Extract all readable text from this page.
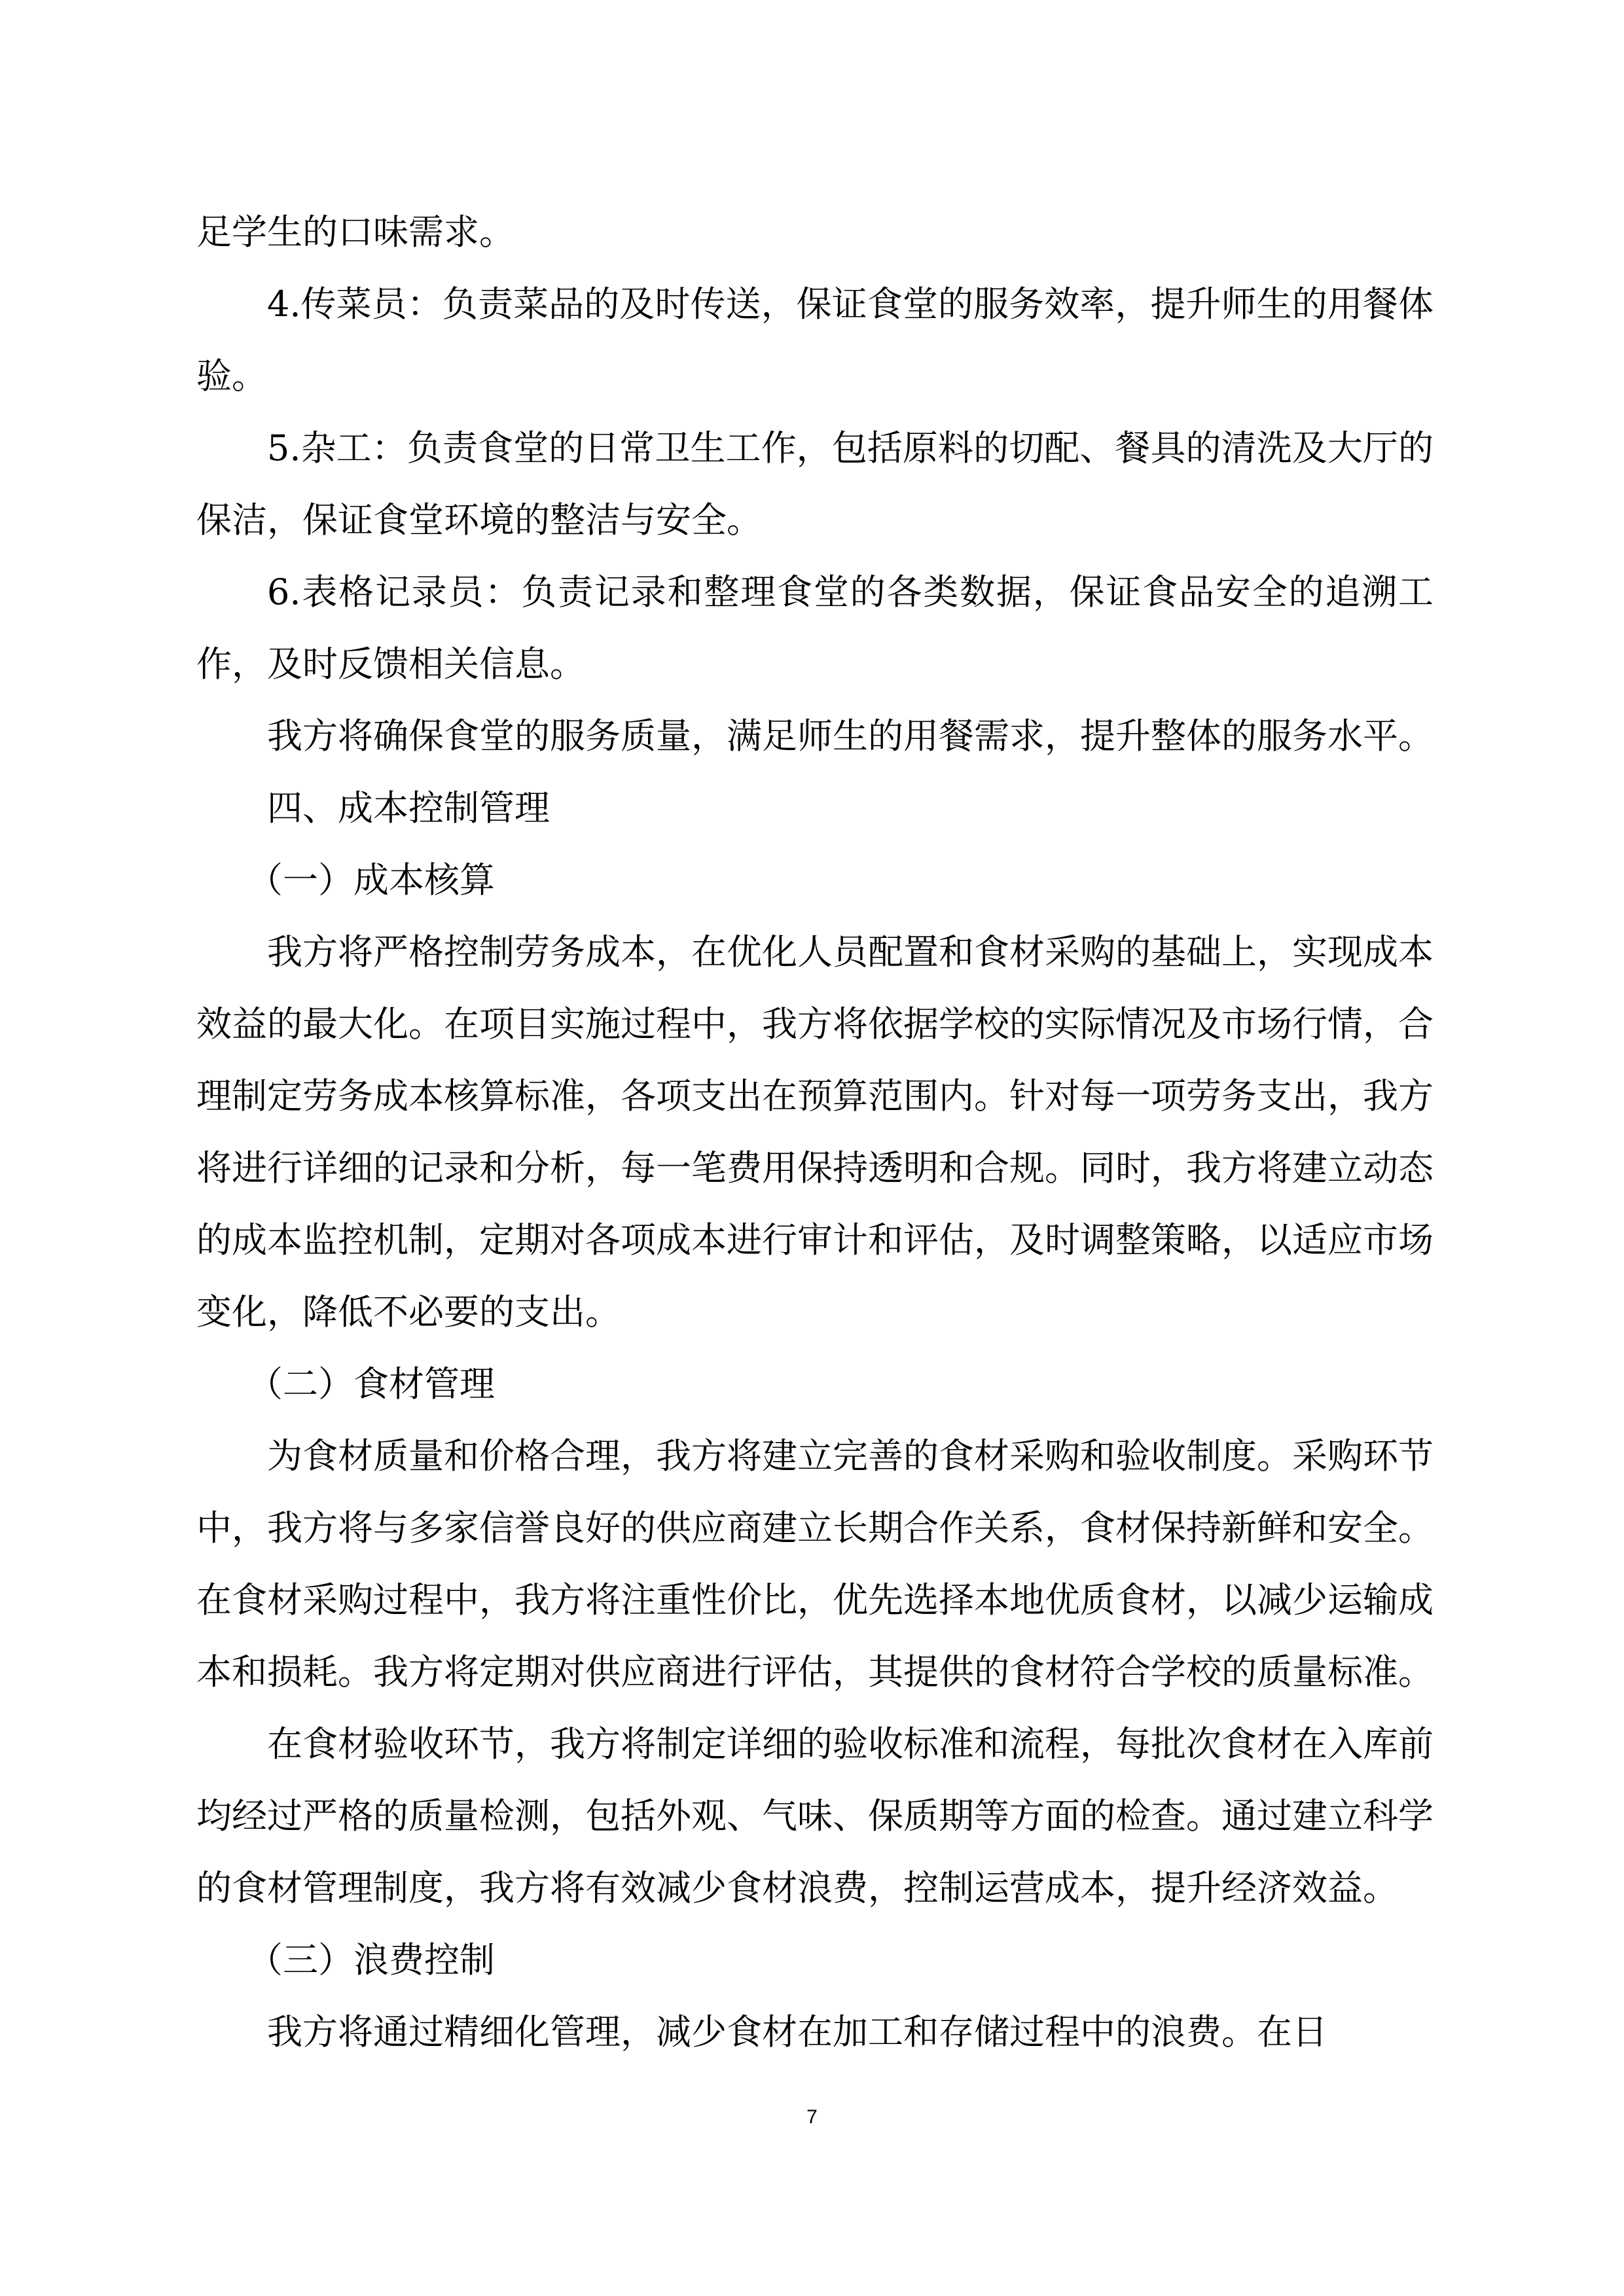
足学生的口味需求。

4.传菜员：负责菜品的及时传送，保证食堂的服务效率，提升师生的用餐体验。

5.杂工：负责食堂的日常卫生工作，包括原料的切配、餐具的清洗及大厅的保洁，保证食堂环境的整洁与安全。

6.表格记录员：负责记录和整理食堂的各类数据，保证食品安全的追溯工作，及时反馈相关信息。

我方将确保食堂的服务质量，满足师生的用餐需求，提升整体的服务水平。

四、成本控制管理

（一）成本核算

我方将严格控制劳务成本，在优化人员配置和食材采购的基础上，实现成本效益的最大化。在项目实施过程中，我方将依据学校的实际情况及市场行情，合理制定劳务成本核算标准，各项支出在预算范围内。针对每一项劳务支出，我方将进行详细的记录和分析，每一笔费用保持透明和合规。同时，我方将建立动态的成本监控机制，定期对各项成本进行审计和评估，及时调整策略，以适应市场变化，降低不必要的支出。

（二）食材管理

为食材质量和价格合理，我方将建立完善的食材采购和验收制度。采购环节中，我方将与多家信誉良好的供应商建立长期合作关系，食材保持新鲜和安全。在食材采购过程中，我方将注重性价比，优先选择本地优质食材，以减少运输成本和损耗。我方将定期对供应商进行评估，其提供的食材符合学校的质量标准。

在食材验收环节，我方将制定详细的验收标准和流程，每批次食材在入库前均经过严格的质量检测，包括外观、气味、保质期等方面的检查。通过建立科学的食材管理制度，我方将有效减少食材浪费，控制运营成本，提升经济效益。

（三）浪费控制

我方将通过精细化管理，减少食材在加工和存储过程中的浪费。在日

7
